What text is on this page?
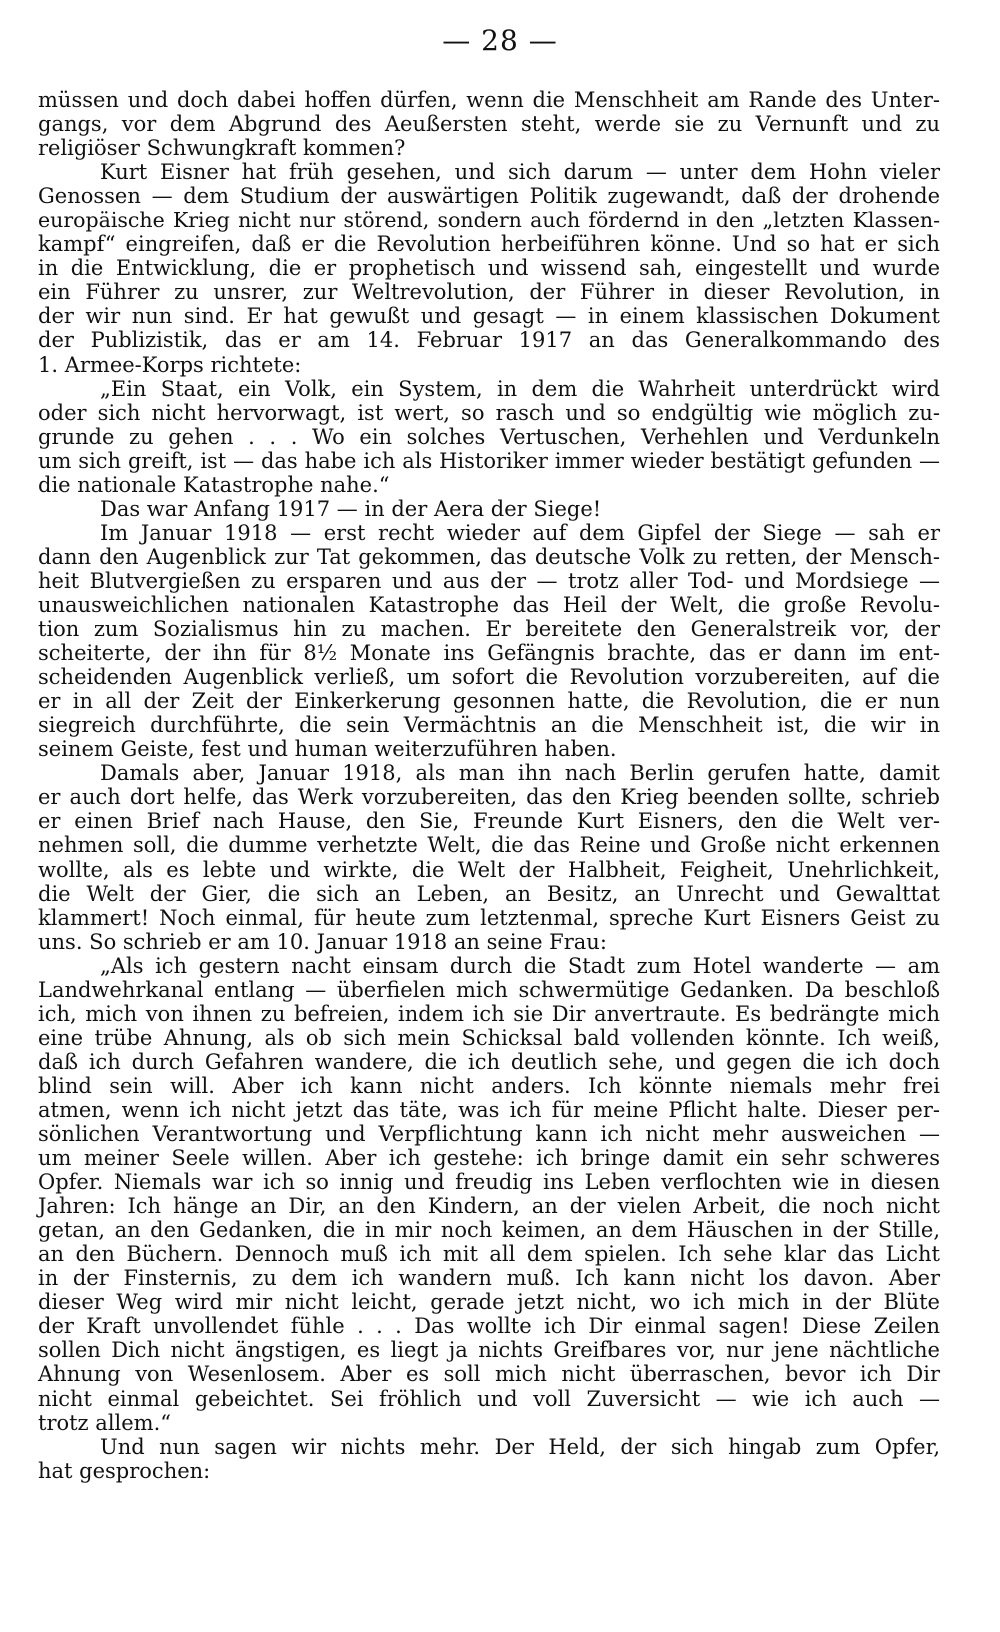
— 28 —
müssen und doch dabei hoffen dürfen, wenn die Menschheit am Rande des Unter-
gangs, vor dem Abgrund des Aeußersten steht, werde sie zu Vernunft und zu
religiöser Schwungkraft kommen?
Kurt Eisner hat früh gesehen, und sich darum — unter dem Hohn vieler
Genossen — dem Studium der auswärtigen Politik zugewandt, daß der drohende
europäische Krieg nicht nur störend, sondern auch fördernd in den „letzten Klassen-
kampf“ eingreifen, daß er die Revolution herbeiführen könne. Und so hat er sich
in die Entwicklung, die er prophetisch und wissend sah, eingestellt und wurde
ein Führer zu unsrer, zur Weltrevolution, der Führer in dieser Revolution, in
der wir nun sind. Er hat gewußt und gesagt — in einem klassischen Dokument
der Publizistik, das er am 14. Februar 1917 an das Generalkommando des
1. Armee-Korps richtete:
„Ein Staat, ein Volk, ein System, in dem die Wahrheit unterdrückt wird
oder sich nicht hervorwagt, ist wert, so rasch und so endgültig wie möglich zu-
grunde zu gehen . . . Wo ein solches Vertuschen, Verhehlen und Verdunkeln
um sich greift, ist — das habe ich als Historiker immer wieder bestätigt gefunden —
die nationale Katastrophe nahe.“
Das war Anfang 1917 — in der Aera der Siege!
Im Januar 1918 — erst recht wieder auf dem Gipfel der Siege — sah er
dann den Augenblick zur Tat gekommen, das deutsche Volk zu retten, der Mensch-
heit Blutvergießen zu ersparen und aus der — trotz aller Tod- und Mordsiege —
unausweichlichen nationalen Katastrophe das Heil der Welt, die große Revolu-
tion zum Sozialismus hin zu machen. Er bereitete den Generalstreik vor, der
scheiterte, der ihn für 8½ Monate ins Gefängnis brachte, das er dann im ent-
scheidenden Augenblick verließ, um sofort die Revolution vorzubereiten, auf die
er in all der Zeit der Einkerkerung gesonnen hatte, die Revolution, die er nun
siegreich durchführte, die sein Vermächtnis an die Menschheit ist, die wir in
seinem Geiste, fest und human weiterzuführen haben.
Damals aber, Januar 1918, als man ihn nach Berlin gerufen hatte, damit
er auch dort helfe, das Werk vorzubereiten, das den Krieg beenden sollte, schrieb
er einen Brief nach Hause, den Sie, Freunde Kurt Eisners, den die Welt ver-
nehmen soll, die dumme verhetzte Welt, die das Reine und Große nicht erkennen
wollte, als es lebte und wirkte, die Welt der Halbheit, Feigheit, Unehrlichkeit,
die Welt der Gier, die sich an Leben, an Besitz, an Unrecht und Gewalttat
klammert! Noch einmal, für heute zum letztenmal, spreche Kurt Eisners Geist zu
uns. So schrieb er am 10. Januar 1918 an seine Frau:
„Als ich gestern nacht einsam durch die Stadt zum Hotel wanderte — am
Landwehrkanal entlang — überfielen mich schwermütige Gedanken. Da beschloß
ich, mich von ihnen zu befreien, indem ich sie Dir anvertraute. Es bedrängte mich
eine trübe Ahnung, als ob sich mein Schicksal bald vollenden könnte. Ich weiß,
daß ich durch Gefahren wandere, die ich deutlich sehe, und gegen die ich doch
blind sein will. Aber ich kann nicht anders. Ich könnte niemals mehr frei
atmen, wenn ich nicht jetzt das täte, was ich für meine Pflicht halte. Dieser per-
sönlichen Verantwortung und Verpflichtung kann ich nicht mehr ausweichen —
um meiner Seele willen. Aber ich gestehe: ich bringe damit ein sehr schweres
Opfer. Niemals war ich so innig und freudig ins Leben verflochten wie in diesen
Jahren: Ich hänge an Dir, an den Kindern, an der vielen Arbeit, die noch nicht
getan, an den Gedanken, die in mir noch keimen, an dem Häuschen in der Stille,
an den Büchern. Dennoch muß ich mit all dem spielen. Ich sehe klar das Licht
in der Finsternis, zu dem ich wandern muß. Ich kann nicht los davon. Aber
dieser Weg wird mir nicht leicht, gerade jetzt nicht, wo ich mich in der Blüte
der Kraft unvollendet fühle . . . Das wollte ich Dir einmal sagen! Diese Zeilen
sollen Dich nicht ängstigen, es liegt ja nichts Greifbares vor, nur jene nächtliche
Ahnung von Wesenlosem. Aber es soll mich nicht überraschen, bevor ich Dir
nicht einmal gebeichtet. Sei fröhlich und voll Zuversicht — wie ich auch —
trotz allem.“
Und nun sagen wir nichts mehr. Der Held, der sich hingab zum Opfer,
hat gesprochen:
